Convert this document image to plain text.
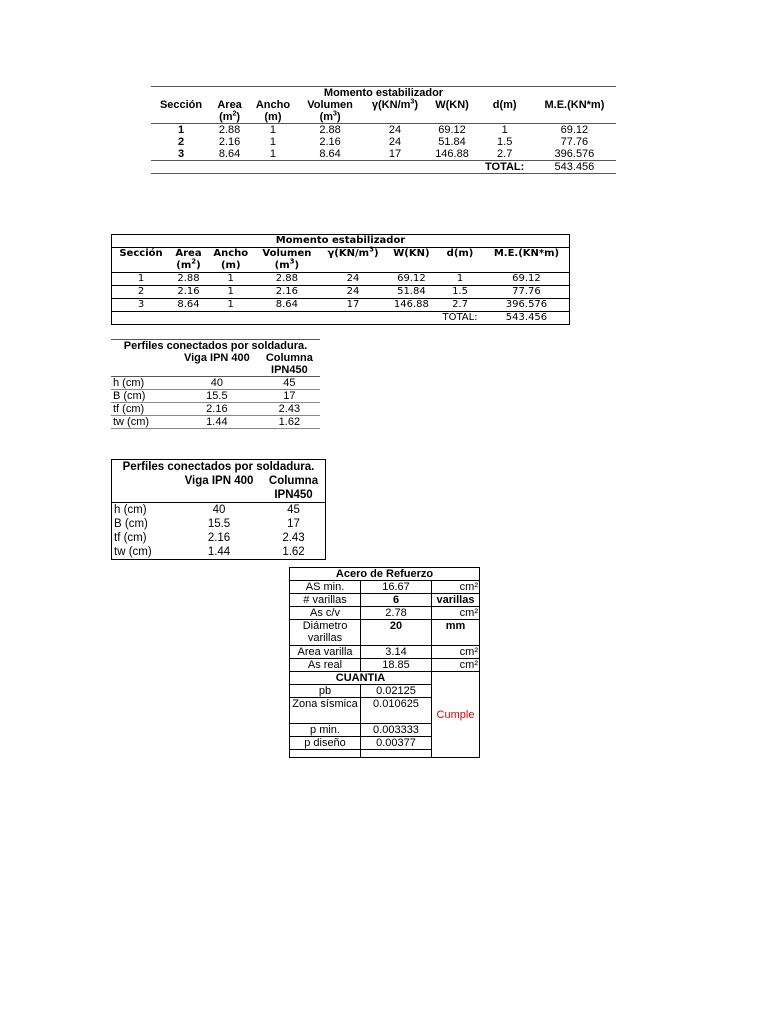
Momento estabilizador							
Sección	Area	Ancho	Volumen	$\gamma(KN/m^3)$	W(KN)	d(m)	M.E.(KN*m)
	$(m^2)$	(m)	$(m^3)$				
1	2.88	1	2.88	24	69.12	1	69.12
2	2.16	1	2.16	24	51.84	1.5	77.76
3	8.64	1	8.64	17	146.88	2.7	396.576
						TOTAL:	543.456
Momento estabilizador							
Sección	Área	Ancho	Volumen	$\gamma(KN/m^3)$	W(KN)	d(m)	M.E.(KN*m)
	$(m^2)$	(m)	$(m^3)$				
1	2.88	1	2.88	24	69.12	1	69.12
2	2.16	1	2.16	24	51.84	1.5	77.76
3	8.64	1	8.64	17	146.88	2.7	396.576
						TOTAL:	543.456
Perfiles conectados por soldadura.		
	Viga IPN 400	Columna
		IPN450
h (cm)	40	45
B (cm)	15.5	17
tf (cm)	2.16	2.43
tw (cm)	1.44	1.62
Perfiles conectados por soldadura.		
	Viga IPN 400	Columna
		IPN450
h (cm)	40	45
B (cm)	15.5	17
tf (cm)	2.16	2.43
tw (cm)	1.44	1.62
Acero de Refuerzo		
AS min.	16.67	cm²
# varillas	6	varillas
As c/v	2.78	cm²
Diámetro varillas	20	mm
Area varilla	3.14	cm²
As real	18.85	cm²
CUANTIA		Cumple
pb	0.02125	
Zona sísmica	0.010625	
p min.	0.003333	
p diseño	0.00377	
